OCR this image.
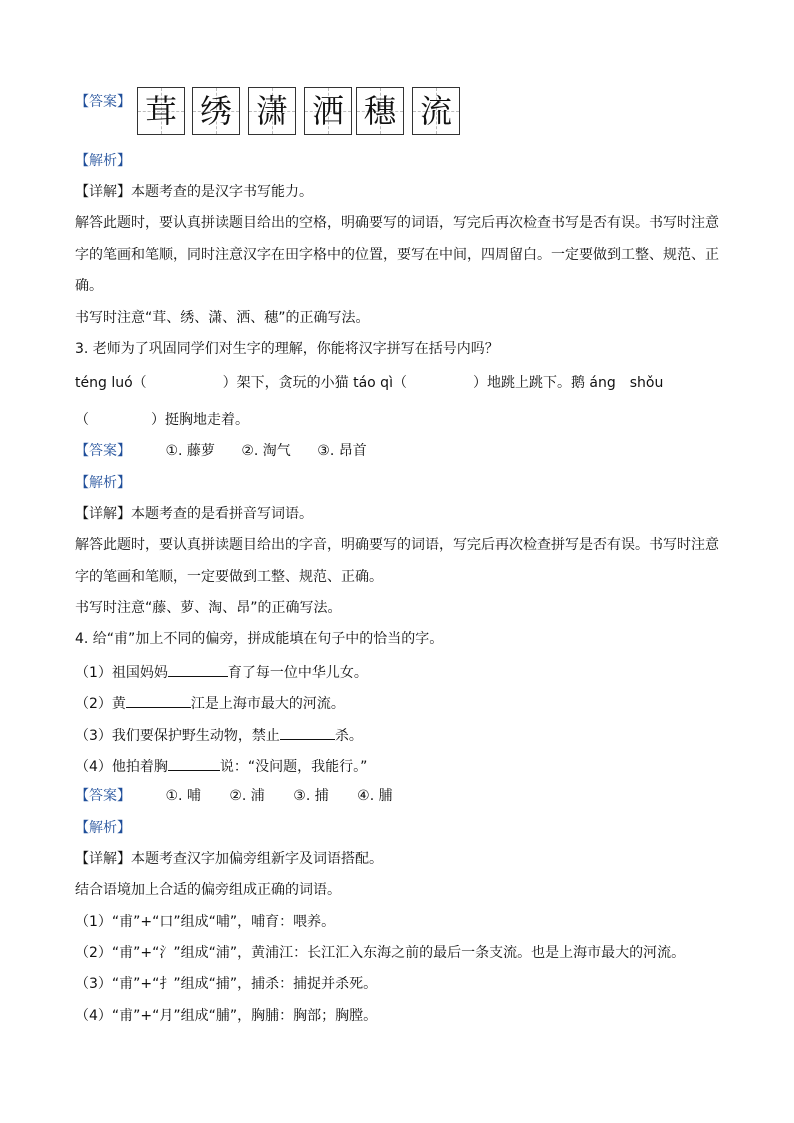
【答案】 茸 绣 潇 洒 穗 流
【解析】
【详解】本题考查的是汉字书写能力。
解答此题时，要认真拼读题目给出的空格，明确要写的词语，写完后再次检查书写是否有误。书写时注意
字的笔画和笔顺，同时注意汉字在田字格中的位置，要写在中间，四周留白。一定要做到工整、规范、正
确。
书写时注意“茸、绣、潇、洒、穗”的正确写法。
3. 老师为了巩固同学们对生字的理解，你能将汉字拼写在括号内吗？
téng luó（	）架下，贪玩的小猫 táo qì（	）地跳上跳下。鹅 áng shǒu
（	）挺胸地走着。
【答案】 ①. 藤萝 ②. 淘气 ③. 昂首
【解析】
【详解】本题考查的是看拼音写词语。
解答此题时，要认真拼读题目给出的字音，明确要写的词语，写完后再次检查拼写是否有误。书写时注意
字的笔画和笔顺，一定要做到工整、规范、正确。
书写时注意“藤、萝、淘、昂”的正确写法。
4. 给“甫”加上不同的偏旁，拼成能填在句子中的恰当的字。
（1）祖国妈妈	育了每一位中华儿女。
（2）黄	江是上海市最大的河流。
（3）我们要保护野生动物，禁止	杀。
（4）他拍着胸	说：“没问题，我能行。”
【答案】 ①. 哺 ②. 浦 ③. 捕 ④. 脯
【解析】
【详解】本题考查汉字加偏旁组新字及词语搭配。
结合语境加上合适的偏旁组成正确的词语。
（1）“甫”+“口”组成“哺”，哺育：喂养。
（2）“甫”+“氵”组成“浦”，黄浦江：长江汇入东海之前的最后一条支流。也是上海市最大的河流。
（3）“甫”+“扌”组成“捕”，捕杀：捕捉并杀死。
（4）“甫”+“月”组成“脯”，胸脯：胸部；胸膛。
